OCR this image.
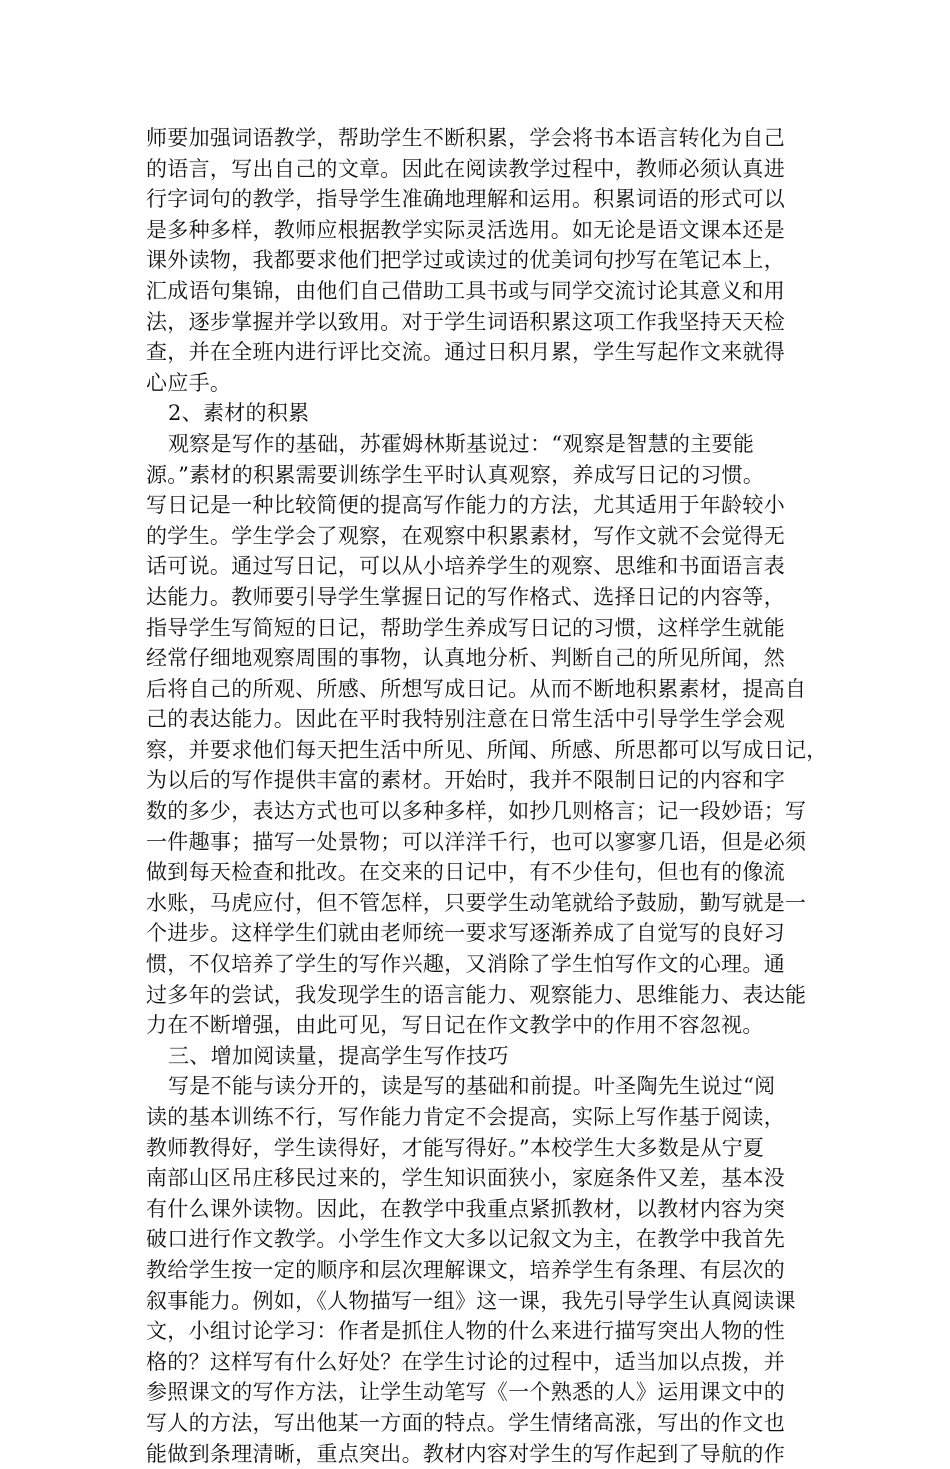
师要加强词语教学，帮助学生不断积累，学会将书本语言转化为自己
的语言，写出自己的文章。因此在阅读教学过程中，教师必须认真进
行字词句的教学，指导学生准确地理解和运用。积累词语的形式可以
是多种多样，教师应根据教学实际灵活选用。如无论是语文课本还是
课外读物，我都要求他们把学过或读过的优美词句抄写在笔记本上，
汇成语句集锦，由他们自己借助工具书或与同学交流讨论其意义和用
法，逐步掌握并学以致用。对于学生词语积累这项工作我坚持天天检
查，并在全班内进行评比交流。通过日积月累，学生写起作文来就得
心应手。
2、素材的积累
观察是写作的基础，苏霍姆林斯基说过：“观察是智慧的主要能
源。”素材的积累需要训练学生平时认真观察，养成写日记的习惯。
写日记是一种比较简便的提高写作能力的方法，尤其适用于年龄较小
的学生。学生学会了观察，在观察中积累素材，写作文就不会觉得无
话可说。通过写日记，可以从小培养学生的观察、思维和书面语言表
达能力。教师要引导学生掌握日记的写作格式、选择日记的内容等，
指导学生写简短的日记，帮助学生养成写日记的习惯，这样学生就能
经常仔细地观察周围的事物，认真地分析、判断自己的所见所闻，然
后将自己的所观、所感、所想写成日记。从而不断地积累素材，提高自
己的表达能力。因此在平时我特别注意在日常生活中引导学生学会观
察，并要求他们每天把生活中所见、所闻、所感、所思都可以写成日记，
为以后的写作提供丰富的素材。开始时，我并不限制日记的内容和字
数的多少，表达方式也可以多种多样，如抄几则格言；记一段妙语；写
一件趣事；描写一处景物；可以洋洋千行，也可以寥寥几语，但是必须
做到每天检查和批改。在交来的日记中，有不少佳句，但也有的像流
水账，马虎应付，但不管怎样，只要学生动笔就给予鼓励，勤写就是一
个进步。这样学生们就由老师统一要求写逐渐养成了自觉写的良好习
惯，不仅培养了学生的写作兴趣，又消除了学生怕写作文的心理。通
过多年的尝试，我发现学生的语言能力、观察能力、思维能力、表达能
力在不断增强，由此可见，写日记在作文教学中的作用不容忽视。
三、增加阅读量，提高学生写作技巧
写是不能与读分开的，读是写的基础和前提。叶圣陶先生说过“阅
读的基本训练不行，写作能力肯定不会提高，实际上写作基于阅读，
教师教得好，学生读得好，才能写得好。”本校学生大多数是从宁夏
南部山区吊庄移民过来的，学生知识面狭小，家庭条件又差，基本没
有什么课外读物。因此，在教学中我重点紧抓教材，以教材内容为突
破口进行作文教学。小学生作文大多以记叙文为主，在教学中我首先
教给学生按一定的顺序和层次理解课文，培养学生有条理、有层次的
叙事能力。例如，《人物描写一组》这一课，我先引导学生认真阅读课
文，小组讨论学习：作者是抓住人物的什么来进行描写突出人物的性
格的？这样写有什么好处？在学生讨论的过程中，适当加以点拨，并
参照课文的写作方法，让学生动笔写《一个熟悉的人》运用课文中的
写人的方法，写出他某一方面的特点。学生情绪高涨，写出的作文也
能做到条理清晰，重点突出。教材内容对学生的写作起到了导航的作
